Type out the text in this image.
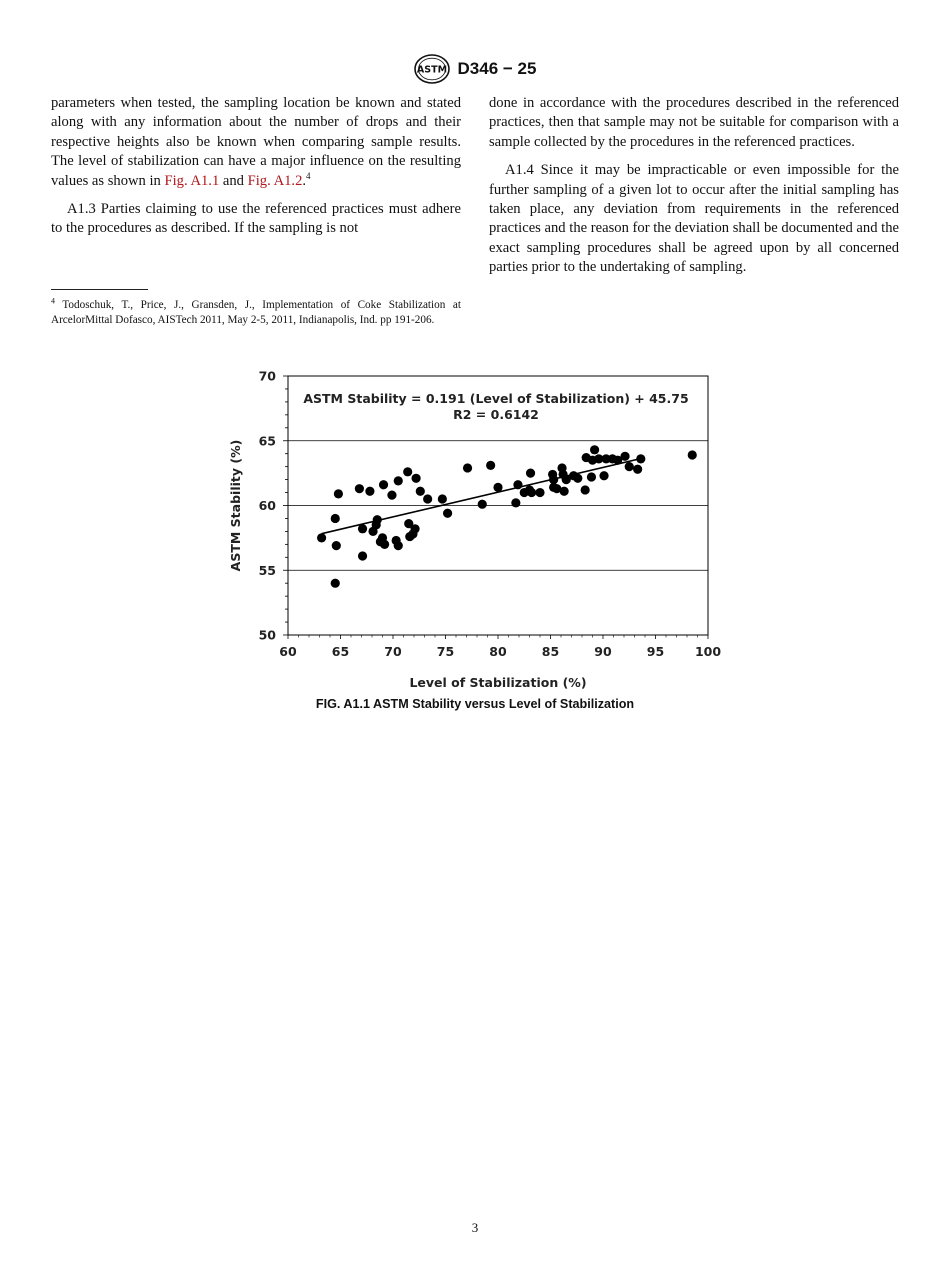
ASTM D346 − 25

parameters when tested, the sampling location be known and stated along with any information about the number of drops and their respective heights also be known when comparing sample results. The level of stabilization can have a major influence on the resulting values as shown in Fig. A1.1 and Fig. A1.2.$^4$

A1.3 Parties claiming to use the referenced practices must adhere to the procedures as described. If the sampling is not

$^4$ Todoschuk, T., Price, J., Gransden, J., Implementation of Coke Stabilization at ArcelorMittal Dofasco, AISTech 2011, May 2-5, 2011, Indianapolis, Ind. pp 191-206.

done in accordance with the procedures described in the referenced practices, then that sample may not be suitable for comparison with a sample collected by the procedures in the referenced practices.

A1.4 Since it may be impracticable or even impossible for the further sampling of a given lot to occur after the initial sampling has taken place, any deviation from requirements in the referenced practices and the reason for the deviation shall be documented and the exact sampling procedures shall be agreed upon by all concerned parties prior to the undertaking of sampling.

50
55
60
65
70
60	65	70	75	80	85	90	95 100
ASTM Stability = 0.191 (Level of Stabilization) + 45.75
R2 = 0.6142
Level of Stabilization (%)
ASTM Stability (%)
FIG. A1.1 ASTM Stability versus Level of Stabilization
3
